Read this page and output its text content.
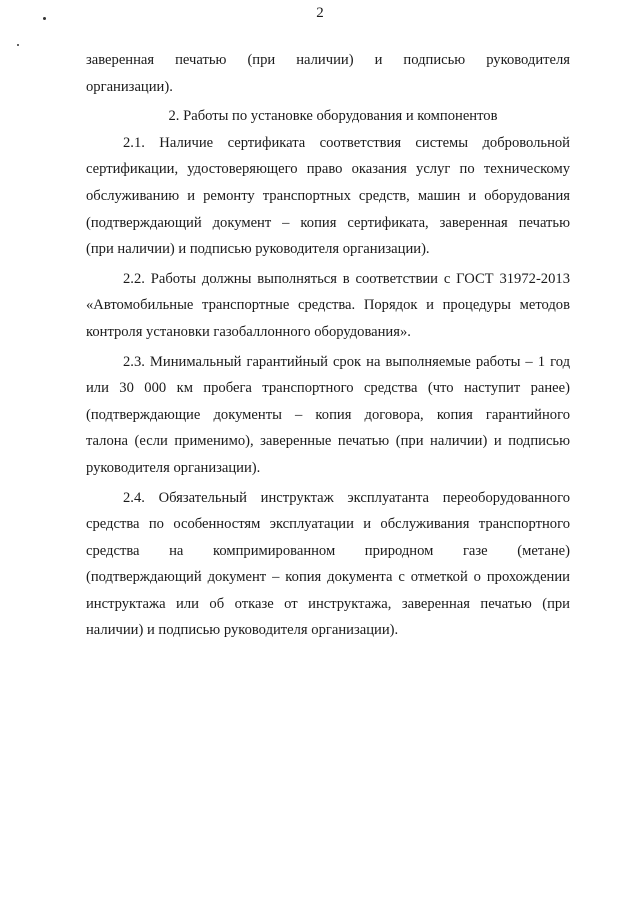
2
заверенная печатью (при наличии) и подписью руководителя
организации).
2. Работы по установке оборудования и компонентов
2.1. Наличие сертификата соответствия системы добровольной
сертификации, удостоверяющего право оказания услуг по техническому
обслуживанию и ремонту транспортных средств, машин и оборудования
(подтверждающий документ – копия сертификата, заверенная печатью
(при наличии) и подписью руководителя организации).
2.2. Работы должны выполняться в соответствии с ГОСТ 31972-2013
«Автомобильные транспортные средства. Порядок и процедуры методов
контроля установки газобаллонного оборудования».
2.3. Минимальный гарантийный срок на выполняемые работы – 1 год
или 30 000 км пробега транспортного средства (что наступит ранее)
(подтверждающие документы – копия договора, копия гарантийного
талона (если применимо), заверенные печатью (при наличии) и подписью
руководителя организации).
2.4. Обязательный инструктаж эксплуатанта переоборудованного
средства по особенностям эксплуатации и обслуживания транспортного
средства на компримированном природном газе (метане)
(подтверждающий документ – копия документа с отметкой о прохождении
инструктажа или об отказе от инструктажа, заверенная печатью (при
наличии) и подписью руководителя организации).
